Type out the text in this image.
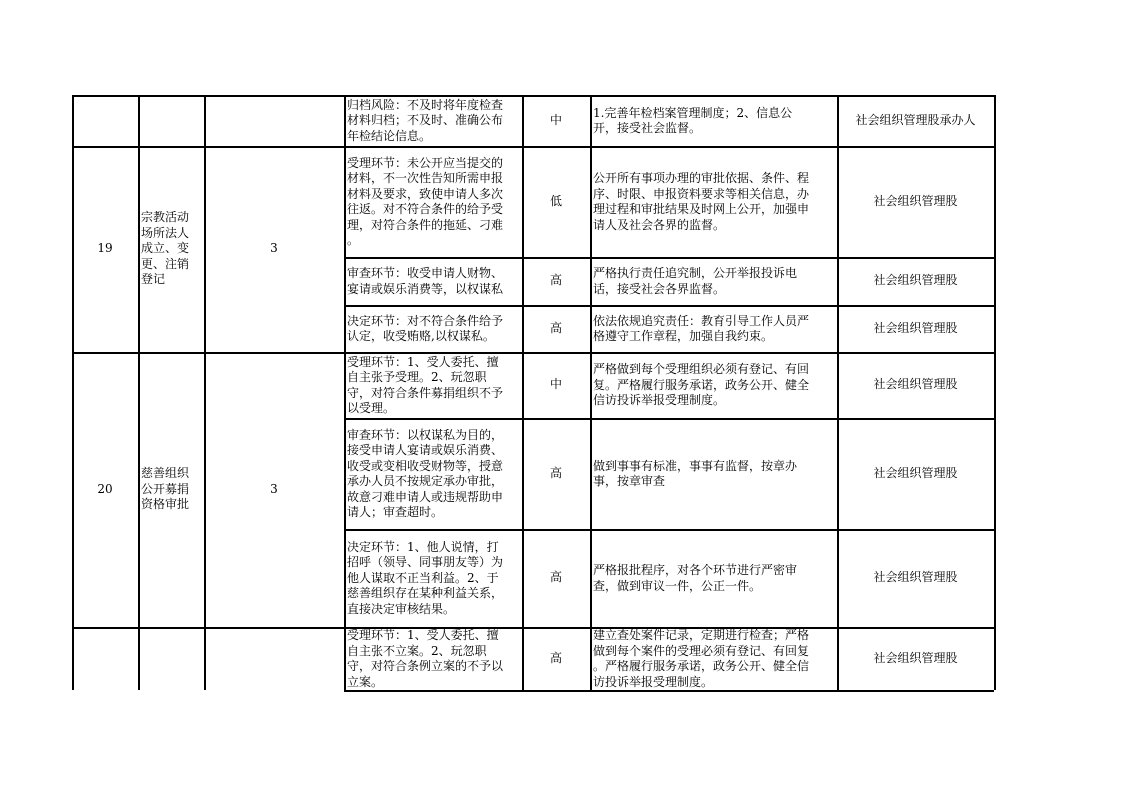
归档风险：不及时将年度检查
材料归档；不及时、准确公布
年检结论信息。
中
1.完善年检档案管理制度；2、信息公
开，接受社会监督。
社会组织管理股承办人
19
宗教活动
场所法人
成立、变
更、注销
登记
3
受理环节：未公开应当提交的
材料，不一次性告知所需申报
材料及要求，致使申请人多次
往返。对不符合条件的给予受
理，对符合条件的拖延、刁难
。
低
公开所有事项办理的审批依据、条件、程
序、时限、申报资料要求等相关信息，办
理过程和审批结果及时网上公开，加强申
请人及社会各界的监督。
社会组织管理股
审查环节：收受申请人财物、
宴请或娱乐消费等，以权谋私
高
严格执行责任追究制，公开举报投诉电
话，接受社会各界监督。
社会组织管理股
决定环节：对不符合条件给予
认定，收受贿赂,以权谋私。
高
依法依规追究责任：教育引导工作人员严
格遵守工作章程，加强自我约束。
社会组织管理股
20
慈善组织
公开募捐
资格审批
3
受理环节：1、受人委托、擅
自主张予受理。2、玩忽职
守，对符合条件募捐组织不予
以受理。
中
严格做到每个受理组织必须有登记、有回
复。严格履行服务承诺，政务公开、健全
信访投诉举报受理制度。
社会组织管理股
审查环节：以权谋私为目的，
接受申请人宴请或娱乐消费、
收受或变相收受财物等，授意
承办人员不按规定承办审批，
故意刁难申请人或违规帮助申
请人；审查超时。
高
做到事事有标准，事事有监督，按章办
事，按章审查
社会组织管理股
决定环节：1、他人说情，打
招呼（领导、同事朋友等）为
他人谋取不正当利益。2、于
慈善组织存在某种利益关系，
直接决定审核结果。
高
严格报批程序，对各个环节进行严密审
查，做到审议一件，公正一件。
社会组织管理股
受理环节：1、受人委托、擅
自主张不立案。2、玩忽职
守，对符合条例立案的不予以
立案。
高
建立查处案件记录，定期进行检查；严格
做到每个案件的受理必须有登记、有回复
。严格履行服务承诺，政务公开、健全信
访投诉举报受理制度。
社会组织管理股
